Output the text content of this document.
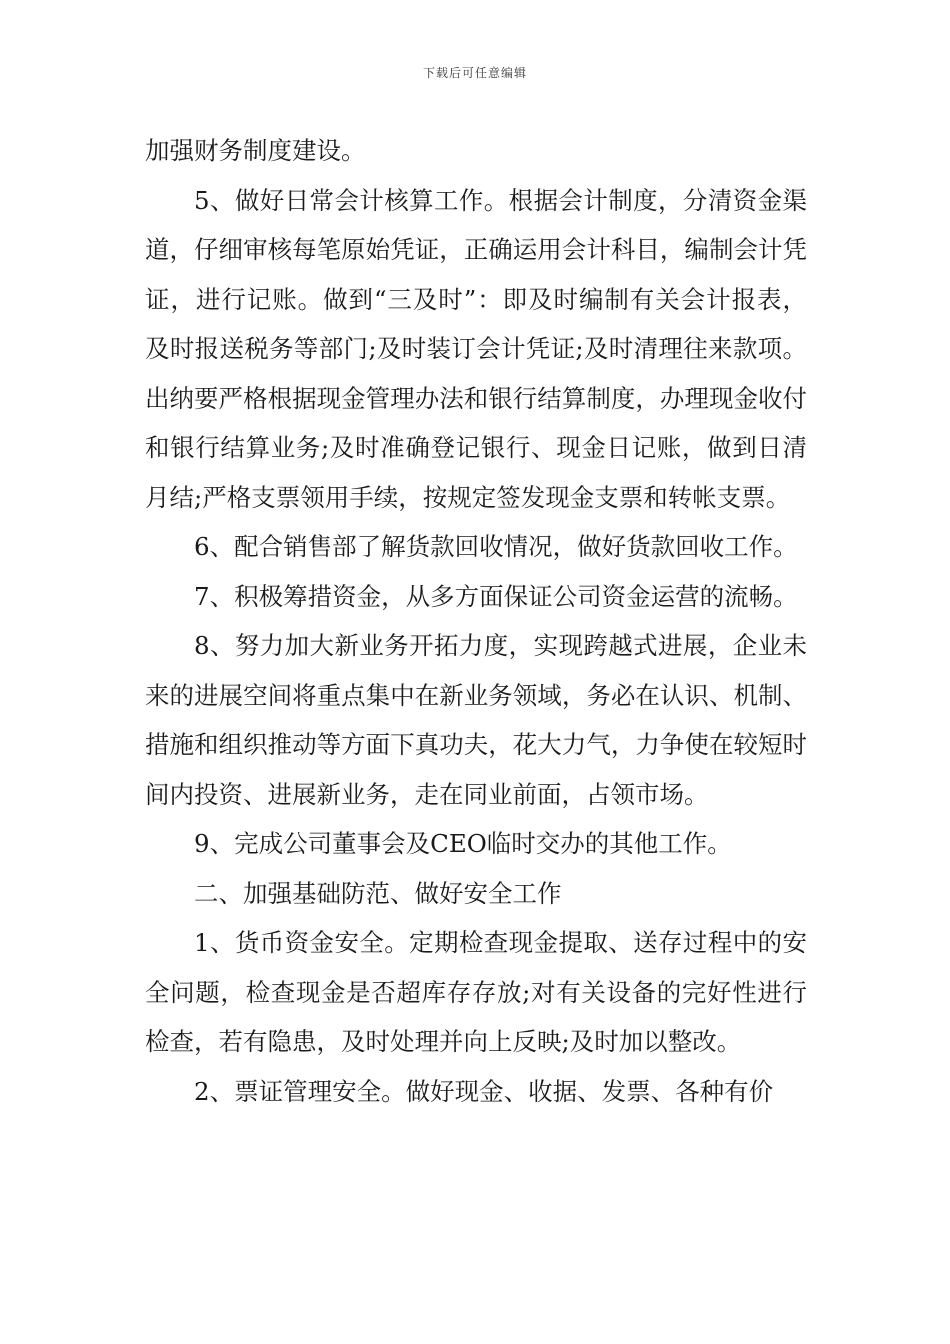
下载后可任意编辑

加强财务制度建设。

5、做好日常会计核算工作。根据会计制度，分清资金渠道，仔细审核每笔原始凭证，正确运用会计科目，编制会计凭证，进行记账。做到“三及时”：即及时编制有关会计报表，及时报送税务等部门;及时装订会计凭证;及时清理往来款项。出纳要严格根据现金管理办法和银行结算制度，办理现金收付和银行结算业务;及时准确登记银行、现金日记账，做到日清月结;严格支票领用手续，按规定签发现金支票和转帐支票。

6、配合销售部了解货款回收情况，做好货款回收工作。

7、积极筹措资金，从多方面保证公司资金运营的流畅。

8、努力加大新业务开拓力度，实现跨越式进展，企业未来的进展空间将重点集中在新业务领域，务必在认识、机制、措施和组织推动等方面下真功夫，花大力气，力争使在较短时间内投资、进展新业务，走在同业前面，占领市场。

9、完成公司董事会及CEO临时交办的其他工作。

二、加强基础防范、做好安全工作

1、货币资金安全。定期检查现金提取、送存过程中的安全问题，检查现金是否超库存存放;对有关设备的完好性进行检查，若有隐患，及时处理并向上反映;及时加以整改。

2、票证管理安全。做好现金、收据、发票、各种有价
